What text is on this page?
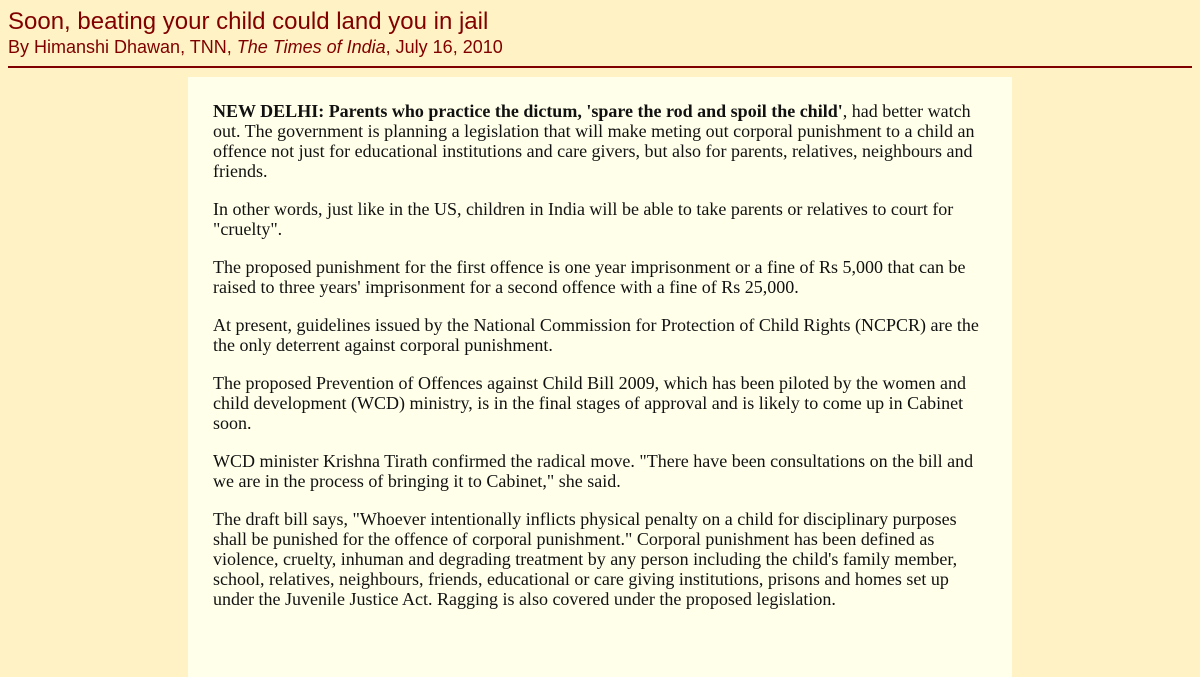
Soon, beating your child could land you in jail

By Himanshi Dhawan, TNN, The Times of India, July 16, 2010

NEW DELHI: Parents who practice the dictum, 'spare the rod and spoil the child', had better watch out. The government is planning a legislation that will make meting out corporal punishment to a child an offence not just for educational institutions and care givers, but also for parents, relatives, neighbours and friends.

In other words, just like in the US, children in India will be able to take parents or relatives to court for "cruelty".

The proposed punishment for the first offence is one year imprisonment or a fine of Rs 5,000 that can be raised to three years' imprisonment for a second offence with a fine of Rs 25,000.

At present, guidelines issued by the National Commission for Protection of Child Rights (NCPCR) are the the only deterrent against corporal punishment.

The proposed Prevention of Offences against Child Bill 2009, which has been piloted by the women and child development (WCD) ministry, is in the final stages of approval and is likely to come up in Cabinet soon.

WCD minister Krishna Tirath confirmed the radical move. "There have been consultations on the bill and we are in the process of bringing it to Cabinet," she said.

The draft bill says, "Whoever intentionally inflicts physical penalty on a child for disciplinary purposes shall be punished for the offence of corporal punishment." Corporal punishment has been defined as violence, cruelty, inhuman and degrading treatment by any person including the child's family member, school, relatives, neighbours, friends, educational or care giving institutions, prisons and homes set up under the Juvenile Justice Act. Ragging is also covered under the proposed legislation.
